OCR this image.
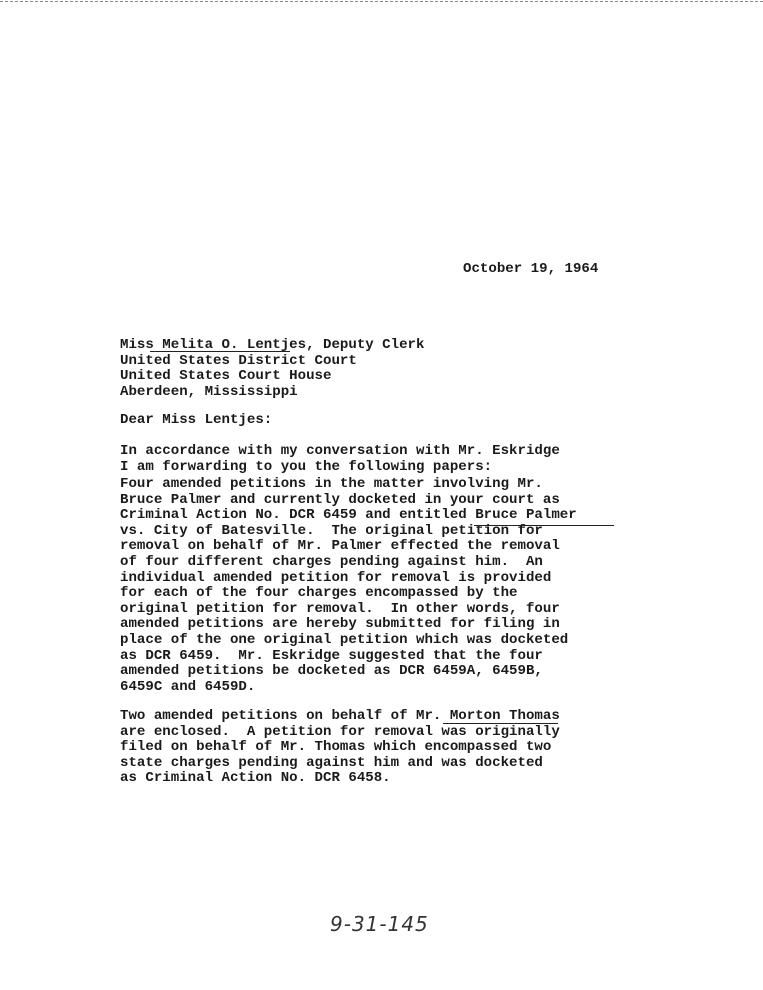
October 19, 1964
Miss Melita O. Lentjes, Deputy Clerk
United States District Court
United States Court House
Aberdeen, Mississippi
Dear Miss Lentjes:
In accordance with my conversation with Mr. Eskridge
I am forwarding to you the following papers:
Four amended petitions in the matter involving Mr.
Bruce Palmer and currently docketed in your court as
Criminal Action No. DCR 6459 and entitled Bruce Palmer
vs. City of Batesville.  The original petition for
removal on behalf of Mr. Palmer effected the removal
of four different charges pending against him.  An
individual amended petition for removal is provided
for each of the four charges encompassed by the
original petition for removal.  In other words, four
amended petitions are hereby submitted for filing in
place of the one original petition which was docketed
as DCR 6459.  Mr. Eskridge suggested that the four
amended petitions be docketed as DCR 6459A, 6459B,
6459C and 6459D.
Two amended petitions on behalf of Mr. Morton Thomas
are enclosed.  A petition for removal was originally
filed on behalf of Mr. Thomas which encompassed two
state charges pending against him and was docketed
as Criminal Action No. DCR 6458.
9-31-145
